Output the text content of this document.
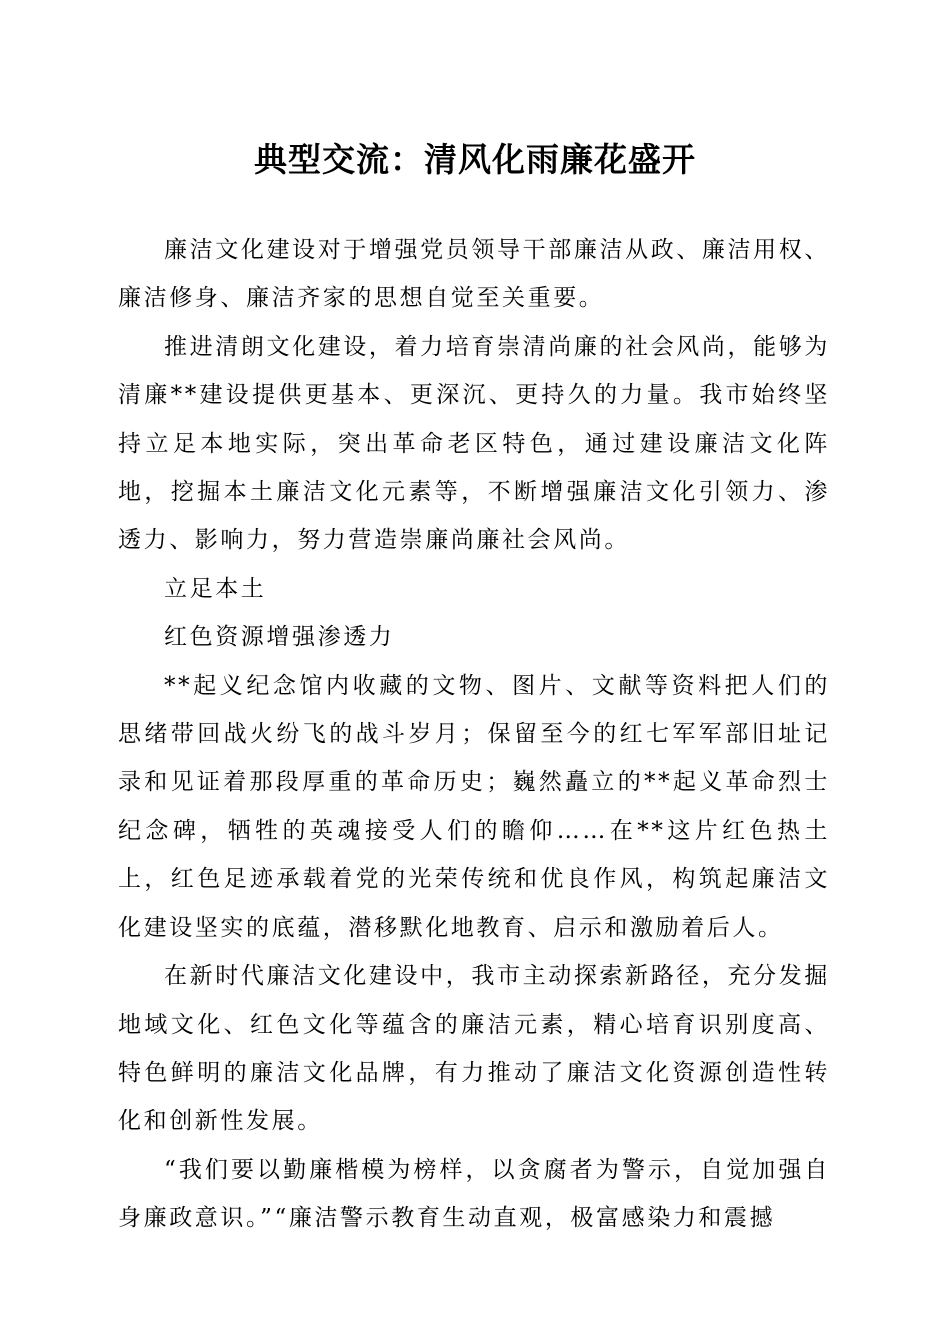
典型交流：清风化雨廉花盛开

廉洁文化建设对于增强党员领导干部廉洁从政、廉洁用权、廉洁修身、廉洁齐家的思想自觉至关重要。

推进清朗文化建设，着力培育崇清尚廉的社会风尚，能够为清廉**建设提供更基本、更深沉、更持久的力量。我市始终坚持立足本地实际，突出革命老区特色，通过建设廉洁文化阵地，挖掘本土廉洁文化元素等，不断增强廉洁文化引领力、渗透力、影响力，努力营造崇廉尚廉社会风尚。

立足本土

红色资源增强渗透力

**起义纪念馆内收藏的文物、图片、文献等资料把人们的思绪带回战火纷飞的战斗岁月；保留至今的红七军军部旧址记录和见证着那段厚重的革命历史；巍然矗立的**起义革命烈士纪念碑，牺牲的英魂接受人们的瞻仰……在**这片红色热土上，红色足迹承载着党的光荣传统和优良作风，构筑起廉洁文化建设坚实的底蕴，潜移默化地教育、启示和激励着后人。

在新时代廉洁文化建设中，我市主动探索新路径，充分发掘地域文化、红色文化等蕴含的廉洁元素，精心培育识别度高、特色鲜明的廉洁文化品牌，有力推动了廉洁文化资源创造性转化和创新性发展。

“我们要以勤廉楷模为榜样，以贪腐者为警示，自觉加强自身廉政意识。”“廉洁警示教育生动直观，极富感染力和震撼
